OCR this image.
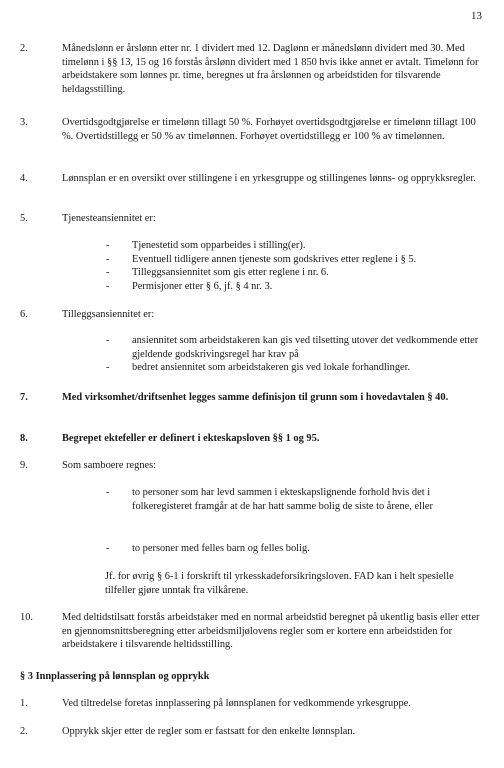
13
2.	Månedslønn er årslønn etter nr. 1 dividert med 12. Daglønn er månedslønn dividert med 30. Med timelønn i §§ 13, 15 og 16 forstås årslønn dividert med 1 850 hvis ikke annet er avtalt. Timelønn for arbeidstakere som lønnes pr. time, beregnes ut fra årslønnen og arbeidstiden for tilsvarende heldagsstilling.
3.	Overtidsgodtgjørelse er timelønn tillagt 50 %. Forhøyet overtidsgodtgjørelse er timelønn tillagt 100 %. Overtidstillegg er 50 % av timelønnen. Forhøyet overtidstillegg er 100 % av timelønnen.
4.	Lønnsplan er en oversikt over stillingene i en yrkesgruppe og stillingenes lønns- og opprykksregler.
5.	Tjenesteansiennitet er:
- Tjenestetid som opparbeides i stilling(er).
- Eventuell tidligere annen tjeneste som godskrives etter reglene i § 5.
- Tilleggsansiennitet som gis etter reglene i nr. 6.
- Permisjoner etter § 6, jf. § 4 nr. 3.
6.	Tilleggsansiennitet er:
- ansiennitet som arbeidstakeren kan gis ved tilsetting utover det vedkommende etter gjeldende godskrivingsregel har krav på
- bedret ansiennitet som arbeidstakeren gis ved lokale forhandlinger.
7.	Med virksomhet/driftsenhet legges samme definisjon til grunn som i hovedavtalen § 40.
8.	Begrepet ektefeller er definert i ekteskapsloven §§ 1 og 95.
9.	Som samboere regnes:
- to personer som har levd sammen i ekteskapslignende forhold hvis det i folkeregisteret framgår at de har hatt samme bolig de siste to årene, eller
- to personer med felles barn og felles bolig.
Jf. for øvrig § 6-1 i forskrift til yrkesskadeforsikringsloven. FAD kan i helt spesielle tilfeller gjøre unntak fra vilkårene.
10.	Med deltidstilsatt forstås arbeidstaker med en normal arbeidstid beregnet på ukentlig basis eller etter en gjennomsnittsberegning etter arbeidsmiljølovens regler som er kortere enn arbeidstiden for arbeidstakere i tilsvarende heltidsstilling.
§ 3 Innplassering på lønnsplan og opprykk
1.	Ved tiltredelse foretas innplassering på lønnsplanen for vedkommende yrkesgruppe.
2.	Opprykk skjer etter de regler som er fastsatt for den enkelte lønnsplan.
